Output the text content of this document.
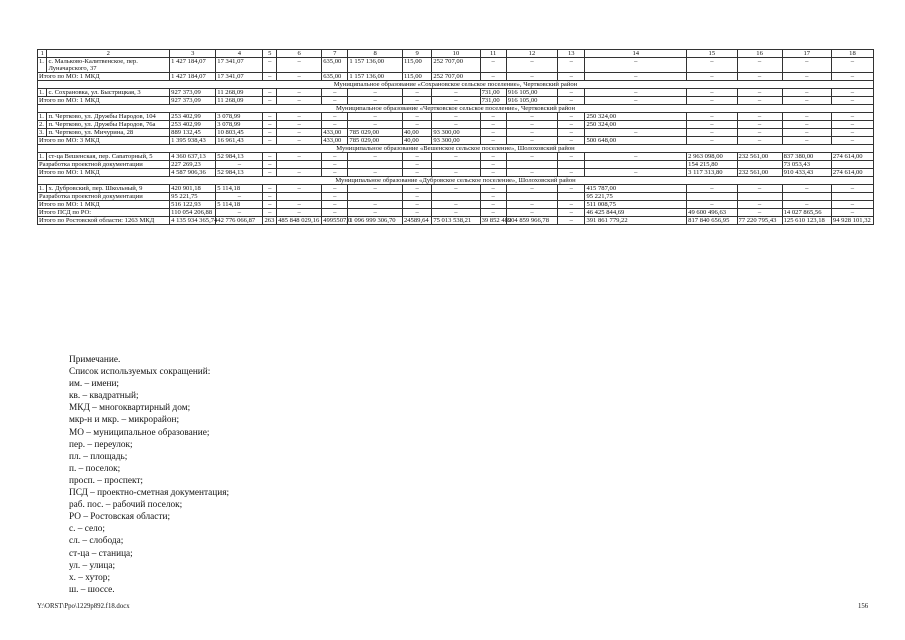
1	2	3	4	5	6	7	8	9	10	11	12	13	14	15	16	17	18
1.	с. Мальково-Калитвенское, пер. Луначарского, 37	1 427 184,07	17 341,07	–	–	635,00	1 157 136,00	115,00	252 707,00	–	–	–	–	–	–	–	–
Итого по МО: 1 МКД		1 427 184,07	17 341,07	–	–	635,00	1 157 136,00	115,00	252 707,00	–	–	–	–	–	–	–	–
Муниципальное образование «Сохрановское сельское поселение», Чертковский район																	
1.	с. Сохрановка, ул. Быстрицкая, 3	927 373,09	11 268,09	–	–	–	–	–	–	731,00	916 105,00	–	–	–	–	–	–
Итого по МО: 1 МКД		927 373,09	11 268,09	–	–	–	–	–	–	731,00	916 105,00	–	–	–	–	–	–
Муниципальное образование «Чертковское сельское поселение», Чертковский район																	
1.	п. Чертково, ул. Дружбы Народов, 104	253 402,99	3 078,99	–	–	–	–	–	–	–	–	–	250 324,00	–	–	–	–
2.	п. Чертково, ул. Дружбы Народов, 76а	253 402,99	3 078,99	–	–	–	–	–	–	–	–	–	250 324,00	–	–	–	–
3.	п. Чертково, ул. Мичурина, 28	889 132,45	10 803,45	–	–	433,00	785 029,00	40,00	93 300,00	–	–	–	–	–	–	–	–
Итого по МО: 3 МКД		1 395 938,43	16 961,43	–	–	433,00	785 029,00	40,00	93 300,00	–	–	–	500 648,00	–	–	–	–
Муниципальное образование «Вешенское сельское поселение», Шолоховский район																	
1.	ст-ца Вешенская, пер. Сanаторный, 5	4 360 637,13	52 984,13	–	–	–	–	–	–	–	–	–	–	2 963 098,00	232 561,00	837 380,00	274 614,00
Разработка проектной документации		227 269,23	–	–		–		–		–				154 215,80		73 053,43	
Итого по МО: 1 МКД		4 587 906,36	52 984,13	–	–	–	–	–	–	–	–	–	–	3 117 313,80	232 561,00	910 433,43	274 614,00
Муниципальное образование «Дубровское сельское поселение», Шолоховский район																	
1.	х. Дубровский, пер. Школьный, 9	420 901,18	5 114,18	–	–	–	–	–	–	–	–	–	415 787,00	–	–	–	–
Разработка проектной документации		95 221,75	–	–		–		–		–			95 221,75				
Итого по МО: 1 МКД		516 122,93	5 114,18	–	–	–	–	–	–	–	–	–	511 008,75	–	–	–	–
Итого ПСД по РО:		110 054 206,88	–	–	–	–	–	–	–	–	–	–	46 425 844,69	49 600 496,63	–	14 027 865,56	–
Итого по Ростовской области: 1263 МКД		4 135 934 365,74	42 776 066,87	263	485 848 029,16	4995507,0	1 096 999 306,70	24589,64	75 013 538,21	39 852 482	904 859 966,78	–	391 861 779,22	817 840 656,95	77 220 795,43	125 610 123,18	94 928 101,32
Примечание.
Список используемых сокращений:
им. – имени;
кв. – квадратный;
МКД – многоквартирный дом;
мкр-н и мкр. – микрорайон;
МО – муниципальное образование;
пер. – переулок;
пл. – площадь;
п. – поселок;
просп. – проспект;
ПСД – проектно-сметная документация;
раб. пос. – рабочий поселок;
РО – Ростовская области;
с. – село;
сл. – слобода;
ст-ца – станица;
ул. – улица;
х. – хутор;
ш. – шоссе.
Y:\ORST\Ppo\1229p892.f18.docx	156
